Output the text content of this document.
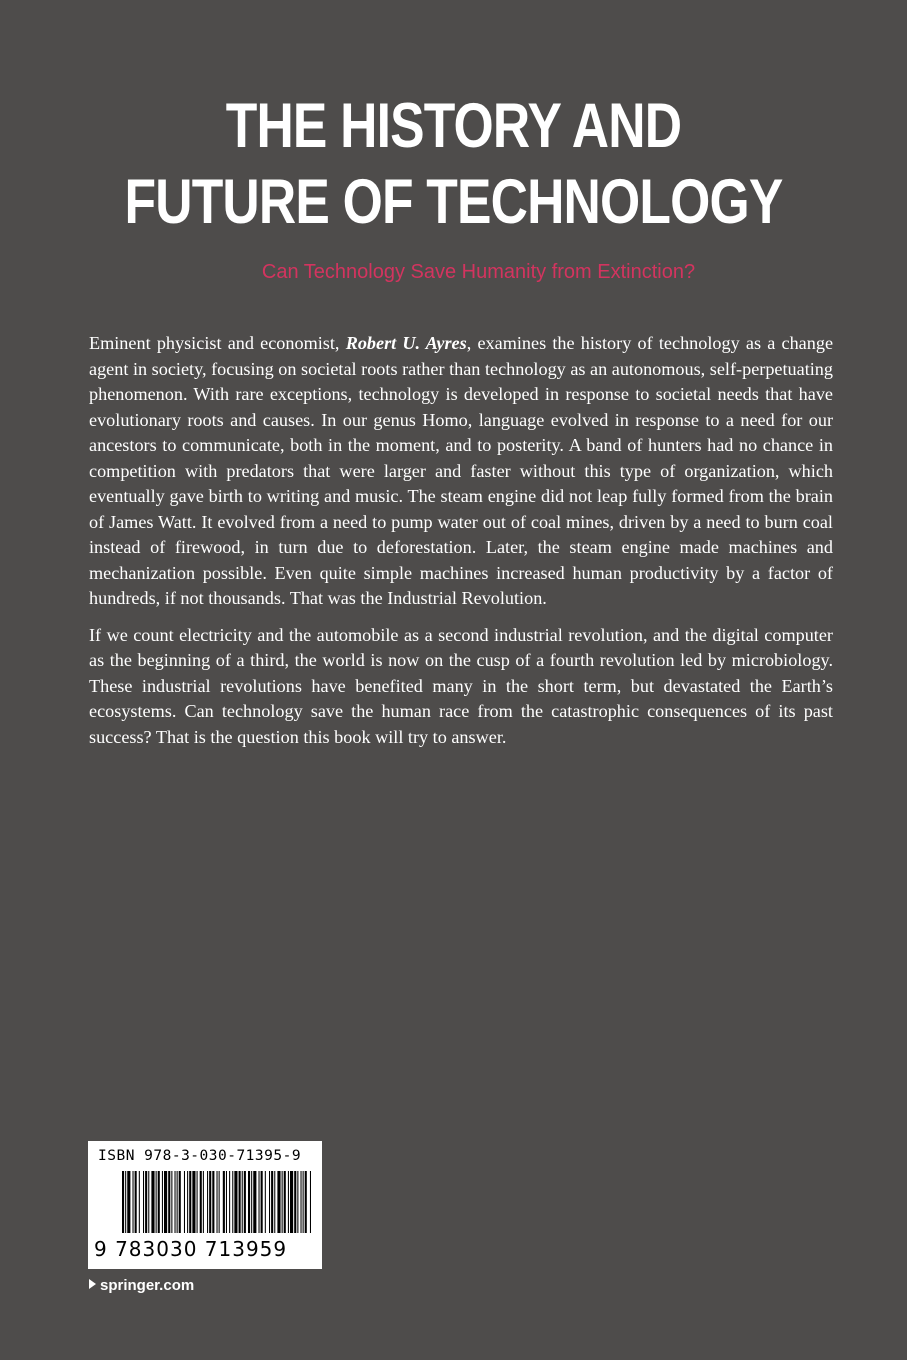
THE HISTORY AND
FUTURE OF TECHNOLOGY

Can Technology Save Humanity from Extinction?

Eminent physicist and economist, Robert U. Ayres, examines the history of technology as a change agent in society, focusing on societal roots rather than technology as an autonomous, self-perpetuating phenomenon. With rare exceptions, technology is developed in response to societal needs that have evolutionary roots and causes. In our genus Homo, language evolved in response to a need for our ancestors to communicate, both in the moment, and to posterity. A band of hunters had no chance in competition with predators that were larger and faster without this type of organization, which eventually gave birth to writing and music. The steam engine did not leap fully formed from the brain of James Watt. It evolved from a need to pump water out of coal mines, driven by a need to burn coal instead of firewood, in turn due to deforestation. Later, the steam engine made machines and mechanization possible. Even quite simple machines increased human productivity by a factor of hundreds, if not thousands. That was the Industrial Revolution.

If we count electricity and the automobile as a second industrial revolution, and the digital computer as the beginning of a third, the world is now on the cusp of a fourth revolution led by microbiology. These industrial revolutions have benefited many in the short term, but devastated the Earth’s ecosystems. Can technology save the human race from the catastrophic consequences of its past success? That is the question this book will try to answer.

ISBN 978-3-030-71395-9
9 783030 713959
springer.com
